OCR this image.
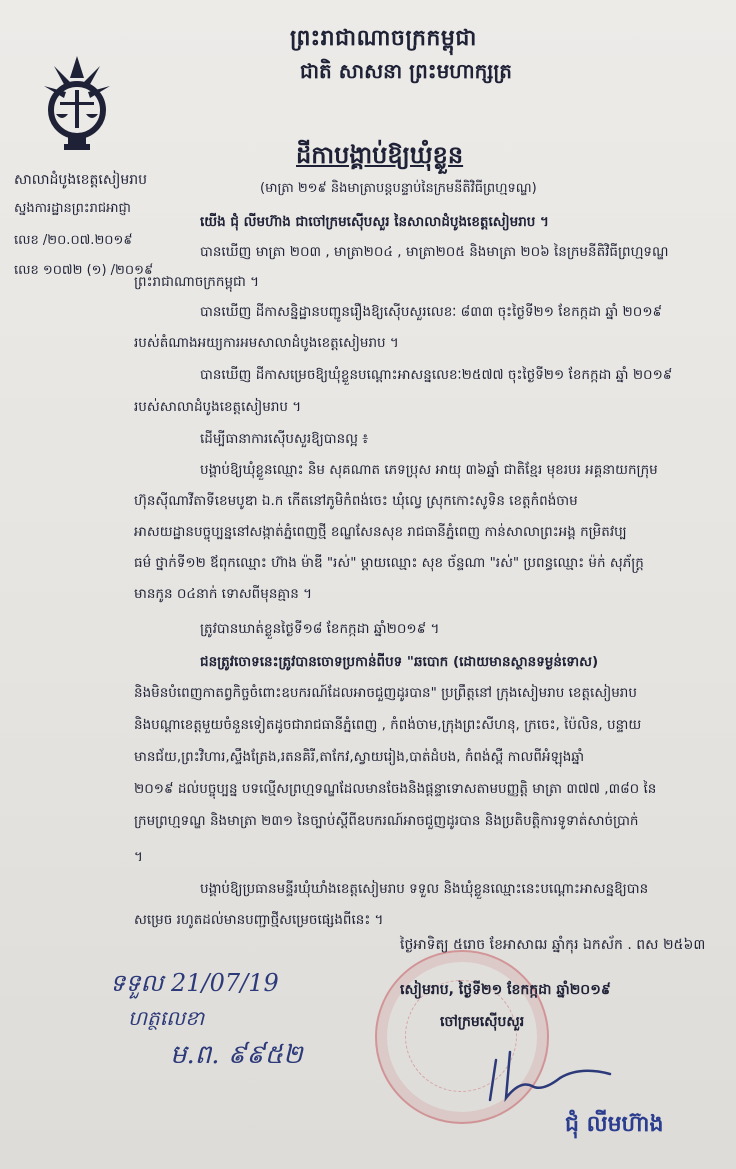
ព្រះរាជាណាចក្រកម្ពុជា
ជាតិ សាសនា ព្រះមហាក្សត្រ
សាលាដំបូងខេត្តសៀមរាប
ស្នងការដ្ឋាន​ព្រះរាជ​អាជ្ញា
លេខ /២០.០៧.២០១៩
លេខ ១០៧២ (១) /២០១៩
ដីកាបង្គាប់ឱ្យឃុំខ្លួន
(មាត្រា ២១៩ និងមាត្រាបន្តបន្ទាប់នៃក្រមនីតិវិធីព្រហ្មទណ្ឌ)
យើង ជុំ លីមហ៊ាង ជាចៅក្រមស៊ើបសួរ នៃសាលាដំបូងខេត្តសៀមរាប ។
បានឃើញ មាត្រា ២០៣ , មាត្រា២០៤ , មាត្រា២០៥ និងមាត្រា ២០៦ នៃក្រមនីតិវិធីព្រហ្មទណ្ឌ
ព្រះរាជាណាចក្រកម្ពុជា ។
បានឃើញ ដីកាសន្និដ្ឋានបញ្ជូនរឿងឱ្យស៊ើបសួរលេខៈ ៨៣៣ ចុះថ្ងៃទី២១ ខែកក្កដា ឆ្នាំ ២០១៩
របស់តំណាងអយ្យការអមសាលាដំបូងខេត្តសៀមរាប ។
បានឃើញ ដីកាសម្រេចឱ្យឃុំខ្លួនបណ្ដោះអាសន្នលេខៈ២៥៧៧ ចុះថ្ងៃទី២១ ខែកក្កដា ឆ្នាំ ២០១៩
របស់សាលាដំបូងខេត្តសៀមរាប ។
ដើម្បីធានាការស៊ើបសួរឱ្យបានល្អ ៖
បង្គាប់ឱ្យឃុំខ្លួនឈ្មោះ និម សុគណាត ភេទប្រុស អាយុ ៣៦ឆ្នាំ ជាតិខ្មែរ មុខរបរ អគ្គនាយកក្រុម
ហ៊ុនស៊ីណាវីតាទីខេមបូឌា ឯ.ក កើតនៅភូមិកំពង់ចេះ ឃុំល្វេ ស្រុកកោះសូទិន ខេត្តកំពង់ចាម
អាសយដ្ឋានបច្ចុប្បន្ននៅសង្កាត់ភ្នំពេញថ្មី ខណ្ឌសែនសុខ រាជធានីភ្នំពេញ កាន់សាលាព្រះអង្គ កម្រិតវប្ប
ធម៌ ថ្នាក់ទី១២ ឪពុកឈ្មោះ ហ៊ាង ម៉ាឌី "រស់" ម្ដាយឈ្មោះ សុខ ច័ន្ទណា "រស់" ប្រពន្ធឈ្មោះ ម៉ក់ សុភ័ក្ត្រ
មានកូន ០៤នាក់ ទោសពីមុនគ្មាន ។
ត្រូវបានឃាត់ខ្លួនថ្ងៃទី១៨ ខែកក្កដា ឆ្នាំ២០១៩ ។
ជនត្រូវចោទនេះត្រូវបានចោទប្រកាន់ពីបទ "ឆបោក (ដោយមានស្ថានទម្ងន់ទោស)
និងមិនបំពេញកាតព្វកិច្ចចំពោះឧបករណ៍ដែលអាចជួញដូរបាន" ប្រព្រឹត្តនៅ ក្រុងសៀមរាប ខេត្តសៀមរាប
និងបណ្ដាខេត្តមួយចំនួនទៀតដូចជារាជធានីភ្នំពេញ , កំពង់ចាម,ក្រុងព្រះសីហនុ, ក្រចេះ, ប៉ៃលិន, បន្ទាយ
មានជ័យ,ព្រះវិហារ,ស្ទឹងត្រែង,រតនគិរី,តាកែវ,ស្វាយរៀង,បាត់ដំបង, កំពង់ស្ពឺ កាលពីអំឡុងឆ្នាំ
២០១៩ ដល់បច្ចុប្បន្ន បទល្មើសព្រហ្មទណ្ឌដែលមានចែងនិងផ្ដន្ទាទោសតាមបញ្ញត្តិ មាត្រា ៣៧៧ ,៣៨០ នៃ
ក្រមព្រហ្មទណ្ឌ និងមាត្រា ២៣១ នៃច្បាប់ស្ដីពីឧបករណ៍អាចជួញដូរបាន និងប្រតិបត្តិការទូទាត់សាច់ប្រាក់
។
បង្គាប់ឱ្យប្រធានមន្ទីរឃុំឃាំងខេត្តសៀមរាប ទទួល និងឃុំខ្លួនឈ្មោះនេះបណ្ដោះអាសន្នឱ្យបាន
សម្រេច រហូតដល់មានបញ្ជាថ្មីសម្រេចផ្សេងពីនេះ ។
ថ្ងៃអាទិត្យ ៥រោច ខែអាសាឍ ឆ្នាំកុរ ឯកស័ក . ពស ២៥៦៣
សៀមរាប, ថ្ងៃទី២១ ខែកក្កដា ឆ្នាំ២០១៩
ចៅក្រមស៊ើបសួរ
ជុំ លីមហ៊ាង
ទទួល 21/07/19
ហត្ថលេខា
ម.ព. ៩៩៥២
